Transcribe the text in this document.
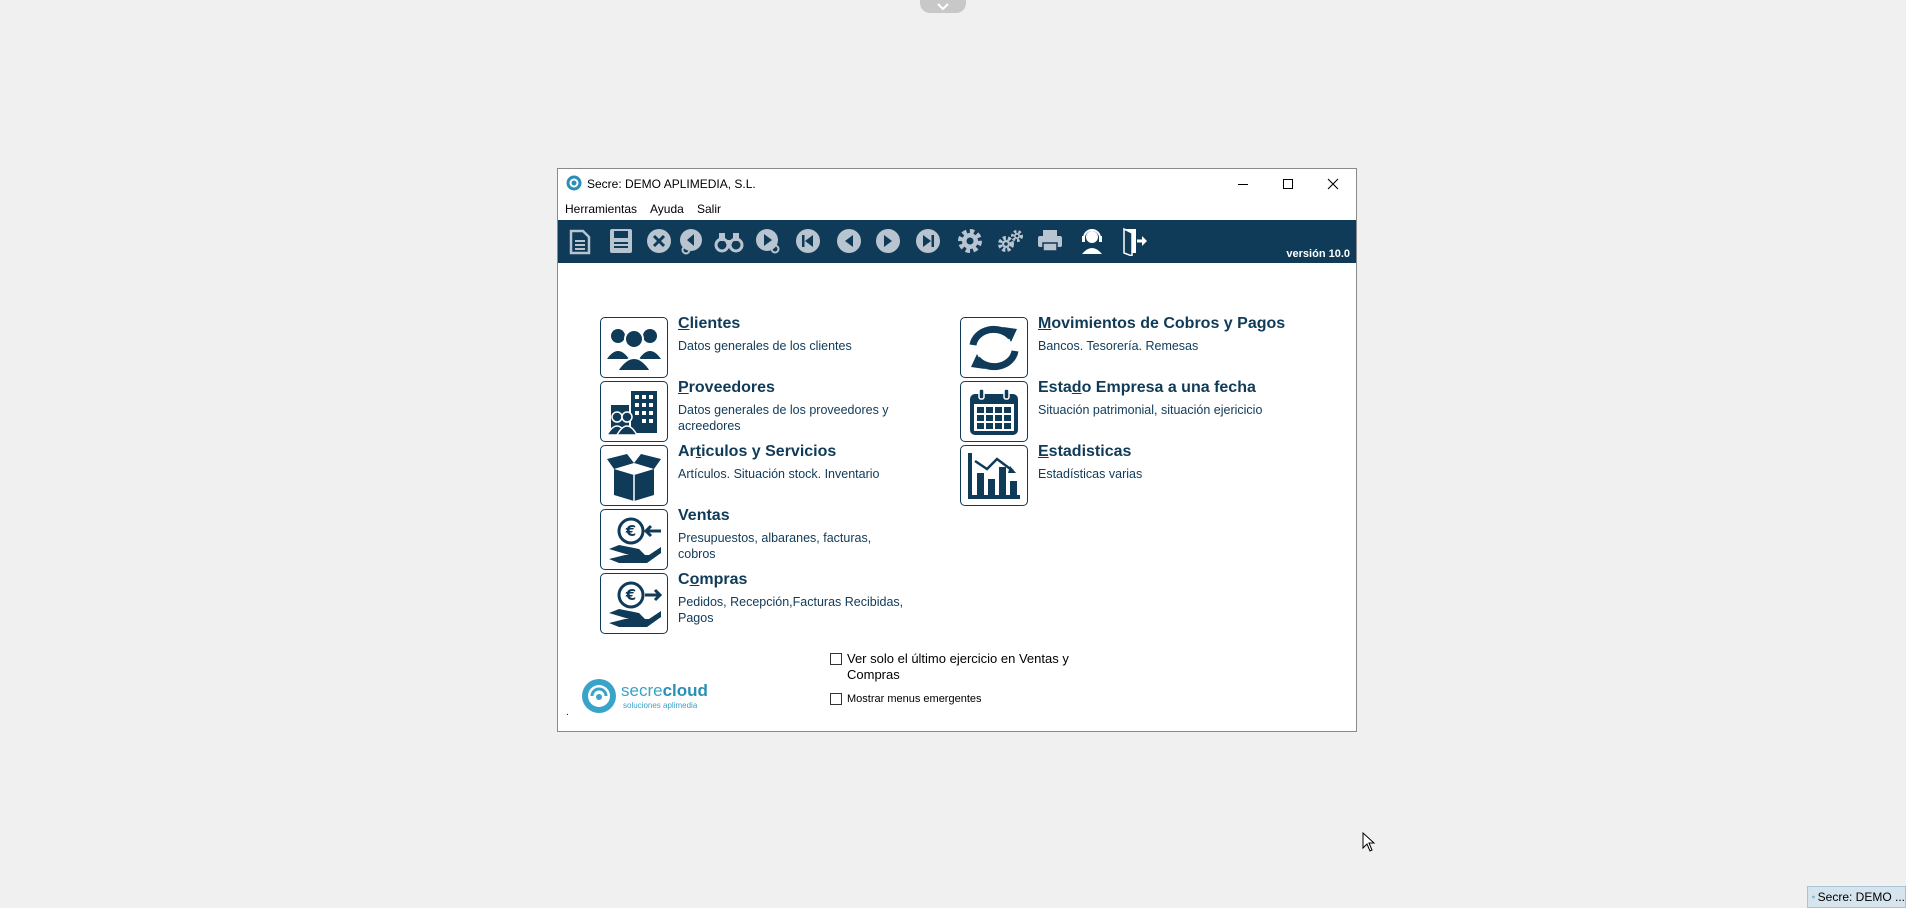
Secre: DEMO APLIMEDIA, S.L.
Herramientas Ayuda Salir
versión 10.0
Clientes
Datos generales de los clientes
Proveedores
Datos generales de los proveedores y acreedores
Articulos y Servicios
Artículos. Situación stock. Inventario
€
Ventas
Presupuestos, albaranes, facturas, cobros
€
Compras
Pedidos, Recepción,Facturas Recibidas, Pagos
Movimientos de Cobros y Pagos
Bancos. Tesorería. Remesas
Estado Empresa a una fecha
Situación patrimonial, situación ejericicio
Estadisticas
Estadísticas varias
Ver solo el último ejercicio en Ventas y Compras
Mostrar menus emergentes
secrecloud
soluciones aplimedia
.
Secre: DEMO ...
